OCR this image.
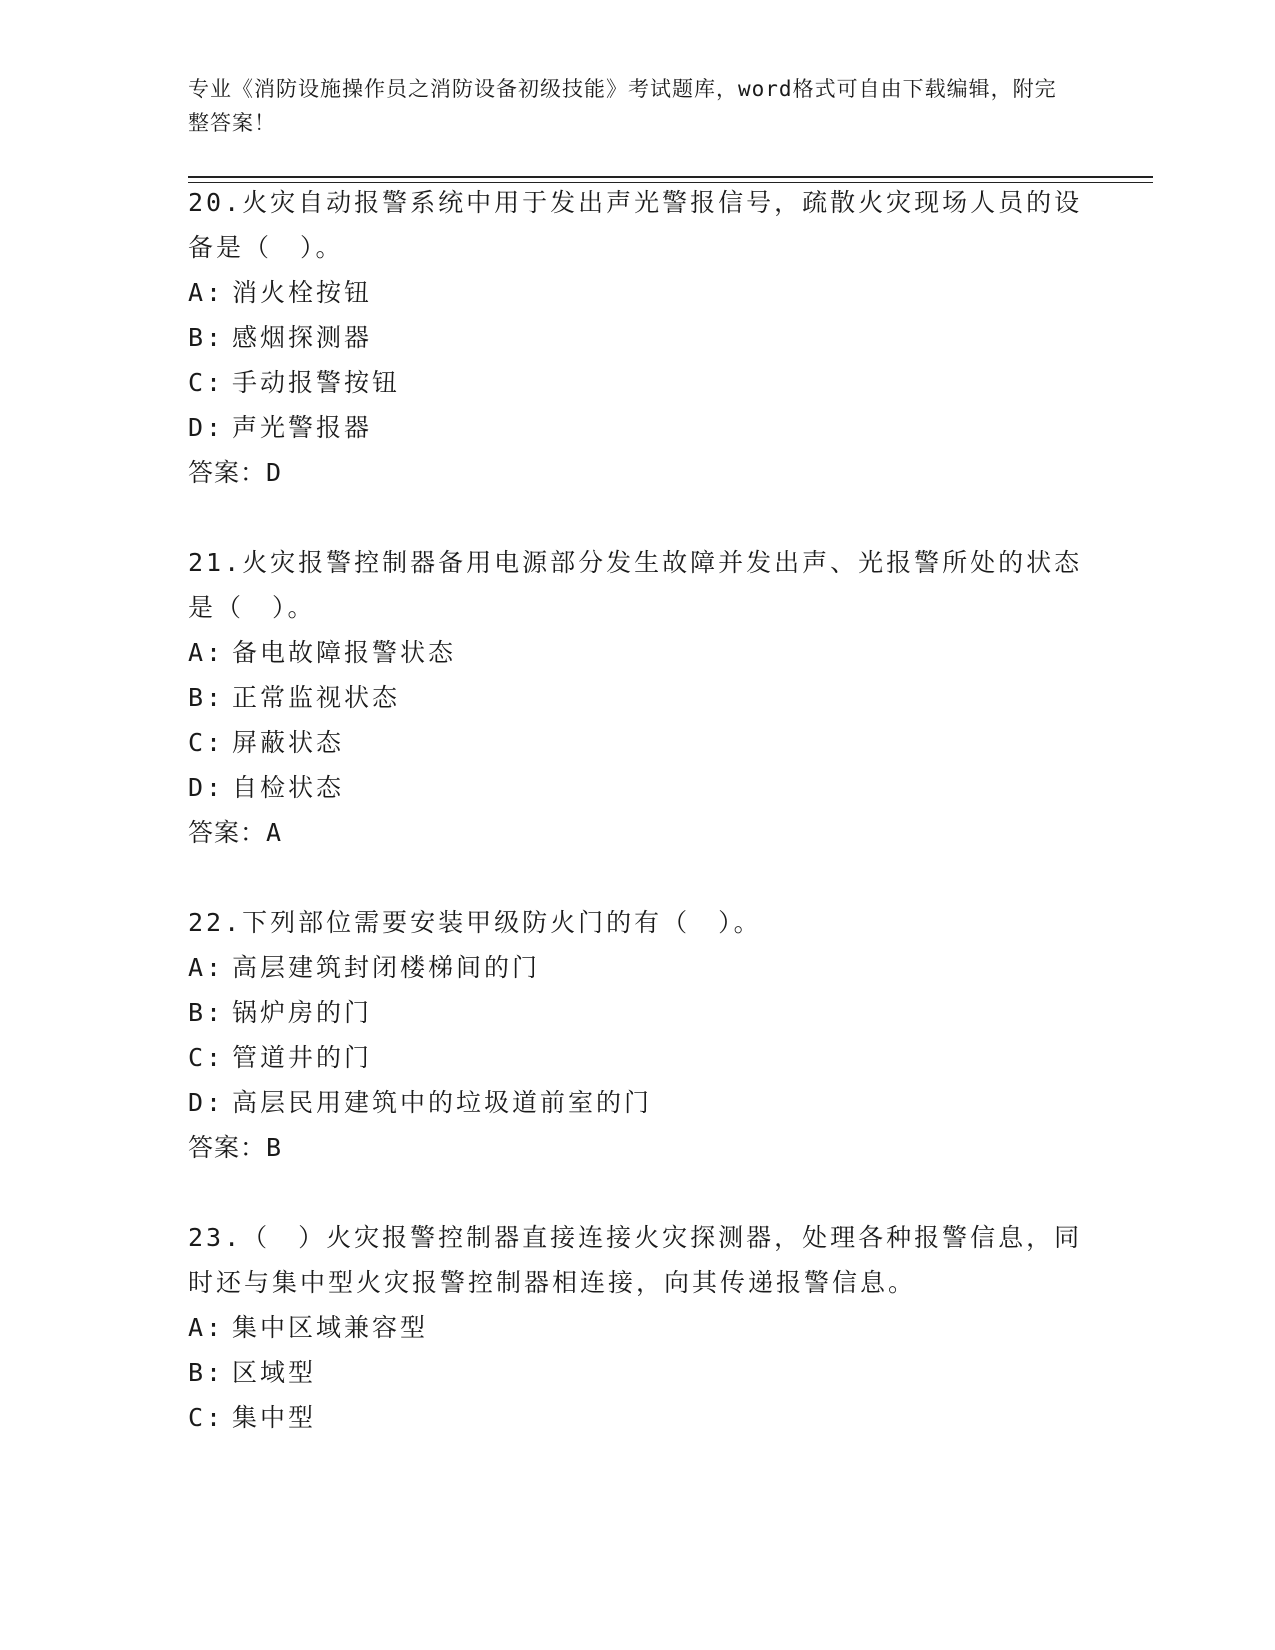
专业《消防设施操作员之消防设备初级技能》考试题库，word格式可自由下载编辑，附完整答案！

20.火灾自动报警系统中用于发出声光警报信号，疏散火灾现场人员的设备是（　）。

A: 消火栓按钮

B: 感烟探测器

C: 手动报警按钮

D: 声光警报器

答案：D

21.火灾报警控制器备用电源部分发生故障并发出声、光报警所处的状态是（　）。

A: 备电故障报警状态

B: 正常监视状态

C: 屏蔽状态

D: 自检状态

答案：A

22.下列部位需要安装甲级防火门的有（　）。

A: 高层建筑封闭楼梯间的门

B: 锅炉房的门

C: 管道井的门

D: 高层民用建筑中的垃圾道前室的门

答案：B

23.（　）火灾报警控制器直接连接火灾探测器，处理各种报警信息，同时还与集中型火灾报警控制器相连接，向其传递报警信息。

A: 集中区域兼容型

B: 区域型

C: 集中型
